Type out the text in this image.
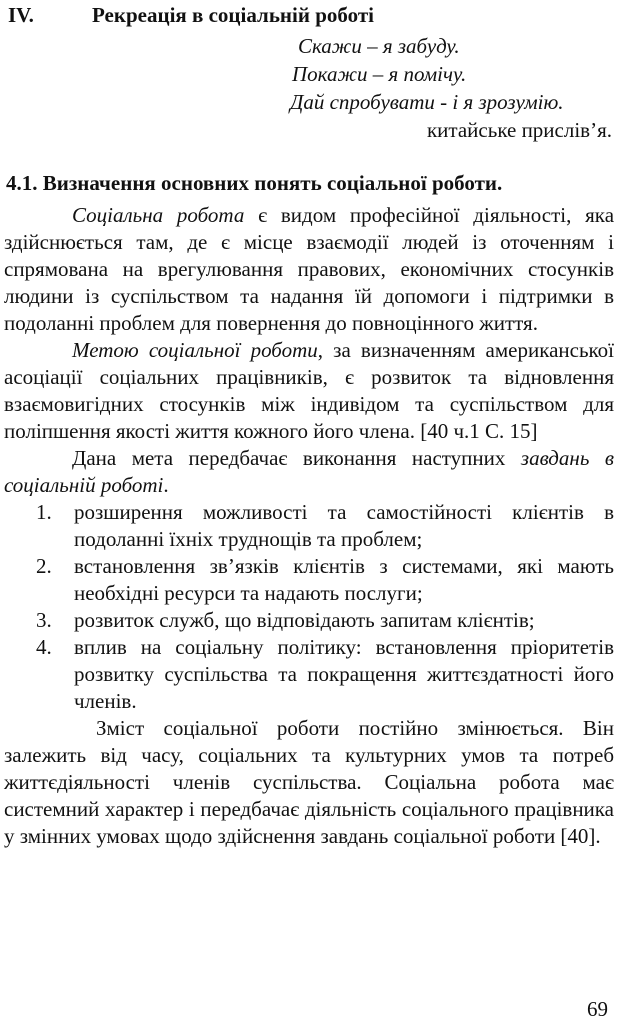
IV.	Рекреація в соціальній роботі
Скажи – я забуду.
Покажи – я помічу.
Дай спробувати - і я зрозумію.
китайське прислів’я.
4.1. Визначення основних понять соціальної роботи.

Соціальна робота є видом професійної діяльності, яка здійснюється там, де є місце взаємодії людей із оточенням і спрямована на врегулювання правових, економічних стосунків людини із суспільством та надання їй допомоги і підтримки в подоланні проблем для повернення до повноцінного життя.

Метою соціальної роботи, за визначенням американської асоціації соціальних працівників, є розвиток та відновлення взаємовигідних стосунків між індивідом та суспільством для поліпшення якості життя кожного його члена. [40 ч.1 С. 15]

Дана мета передбачає виконання наступних завдань в соціальній роботі.

1. розширення можливості та самостійності клієнтів в подоланні їхніх труднощів та проблем;
2. встановлення зв’язків клієнтів з системами, які мають необхідні ресурси та надають послуги;
3. розвиток служб, що відповідають запитам клієнтів;
4. вплив на соціальну політику: встановлення пріоритетів розвитку суспільства та покращення життєздатності його членів.

Зміст соціальної роботи постійно змінюється. Він залежить від часу, соціальних та культурних умов та потреб життєдіяльності членів суспільства. Соціальна робота має системний характер і передбачає діяльність соціального працівника у змінних умовах щодо здійснення завдань соціальної роботи [40].

69
